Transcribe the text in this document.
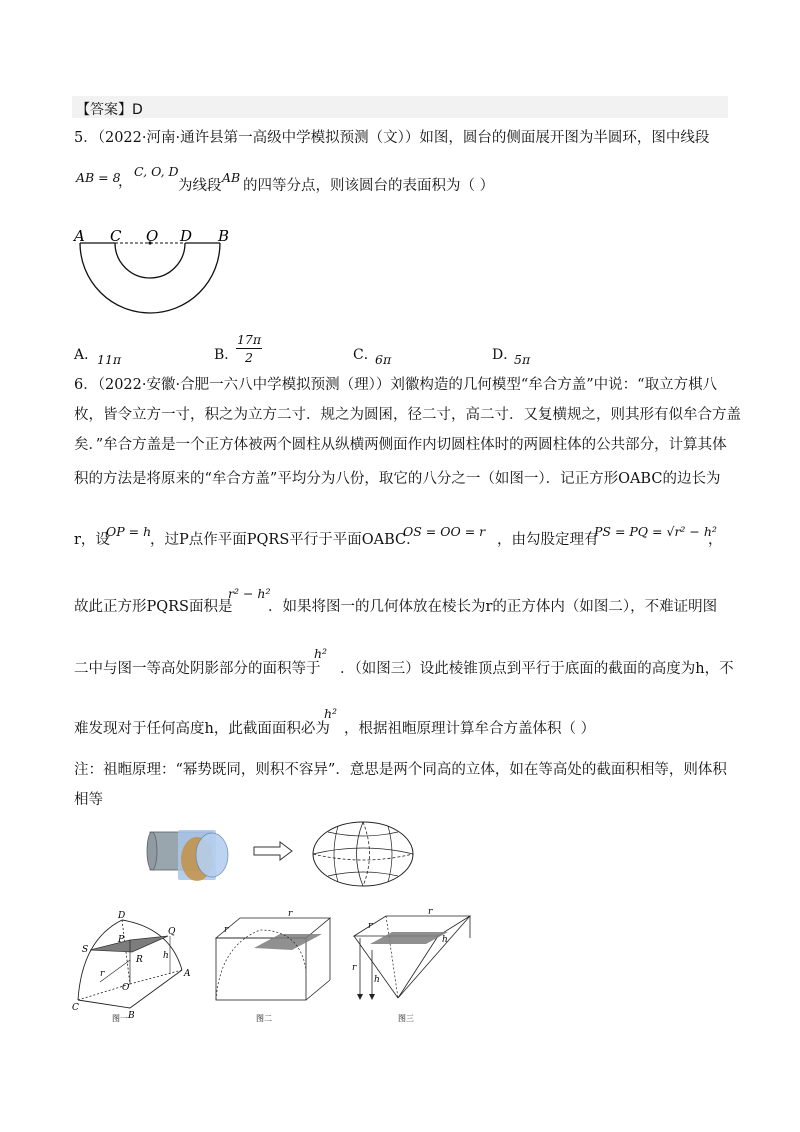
【答案】D
5．（2022·河南·通许县第一高级中学模拟预测（文））如图，圆台的侧面展开图为半圆环，图中线段
AB = 8
，
C, O, D
为线段
AB
的四等分点，则该圆台的表面积为（ ）
A C O D B
A．
11π	B．
17π
2	C．
6π	D．
5π
6．（2022·安徽·合肥一六八中学模拟预测（理））刘徽构造的几何模型“牟合方盖”中说：“取立方棋八
枚，皆令立方一寸，积之为立方二寸．规之为圆囷，径二寸，高二寸．又复横规之，则其形有似牟合方盖
矣．”牟合方盖是一个正方体被两个圆柱从纵横两侧面作内切圆柱体时的两圆柱体的公共部分，计算其体
积的方法是将原来的“牟合方盖”平均分为八份，取它的八分之一（如图一）．记正方形OABC的边长为
r，设
OP = h
，过P点作平面PQRS平行于平面OABC．
OS = OO = r
，由勾股定理有
PS = PQ = √r² − h²
，
故此正方形PQRS面积是
r² − h²
．如果将图一的几何体放在棱长为r的正方体内（如图二），不难证明图
二中与图一等高处阴影部分的面积等于
h²
．（如图三）设此棱锥顶点到平行于底面的截面的高度为h，不
难发现对于任何高度h，此截面面积必为
h²
，根据祖暅原理计算牟合方盖体积（ ）
注：祖暅原理：“幂势既同，则积不容异”．意思是两个同高的立体，如在等高处的截面积相等，则体积
相等
D
P
Q
S
R h
r
O
A
C
B
图一
r
r
图二
r
r
h
r
h
图三
